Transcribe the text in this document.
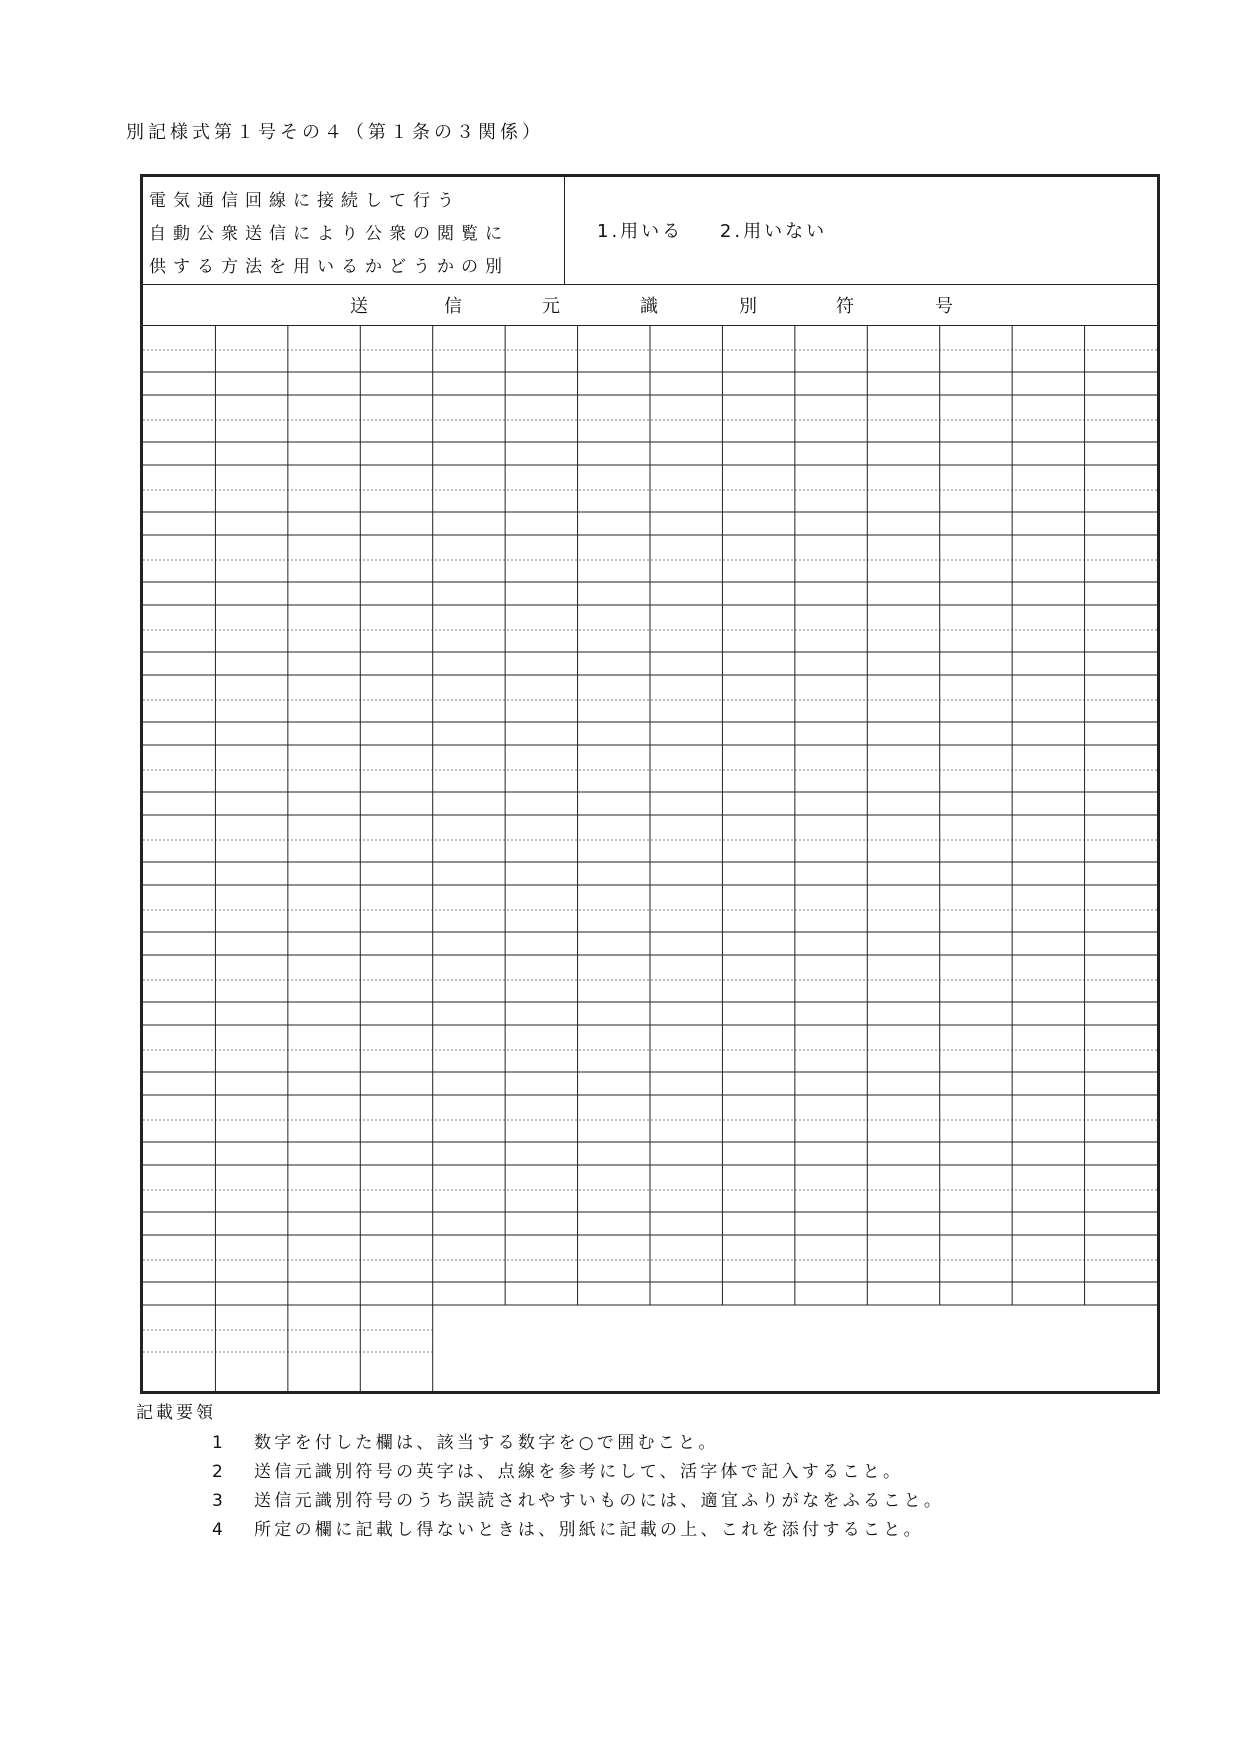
別記様式第１号その４（第１条の３関係）
電気通信回線に接続して行う
自動公衆送信により公衆の閲覧に
供する方法を用いるかどうかの別
1.用いる 2.用いない
送	信	元	識	別	符	号
記載要領
1 数字を付した欄は、該当する数字を○で囲むこと。
2 送信元識別符号の英字は、点線を参考にして、活字体で記入すること。
3 送信元識別符号のうち誤読されやすいものには、適宜ふりがなをふること。
4 所定の欄に記載し得ないときは、別紙に記載の上、これを添付すること。
